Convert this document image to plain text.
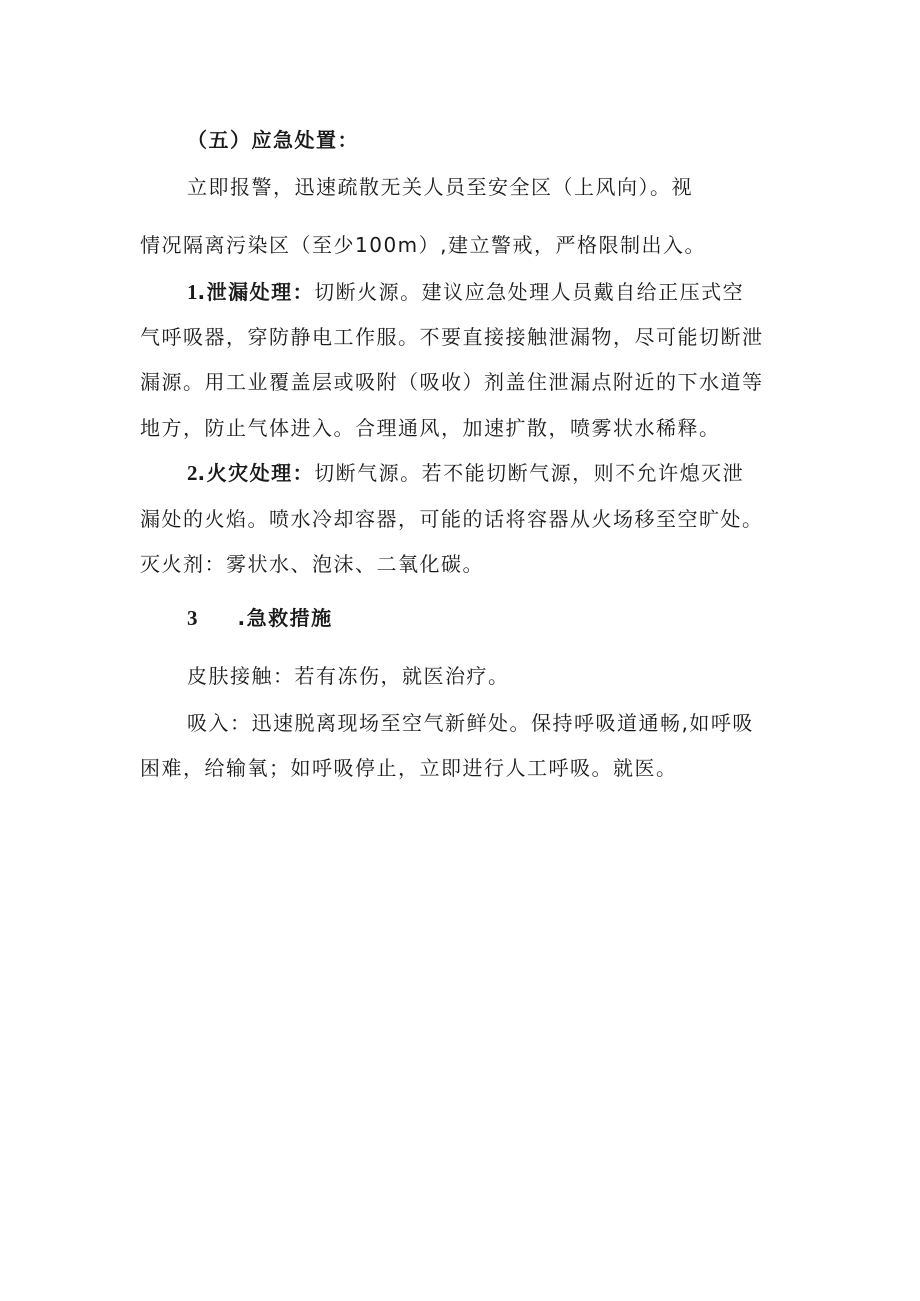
（五）应急处置：
立即报警，迅速疏散无关人员至安全区（上风向）。视
情况隔离污染区（至少100m）,建立警戒，严格限制出入。
1.泄漏处理：切断火源。建议应急处理人员戴自给正压式空
气呼吸器，穿防静电工作服。不要直接接触泄漏物，尽可能切断泄
漏源。用工业覆盖层或吸附（吸收）剂盖住泄漏点附近的下水道等
地方，防止气体进入。合理通风，加速扩散，喷雾状水稀释。
2.火灾处理：切断气源。若不能切断气源，则不允许熄灭泄
漏处的火焰。喷水冷却容器，可能的话将容器从火场移至空旷处。
灭火剂：雾状水、泡沫、二氧化碳。
3 .急救措施
皮肤接触：若有冻伤，就医治疗。
吸入：迅速脱离现场至空气新鲜处。保持呼吸道通畅,如呼吸
困难，给输氧；如呼吸停止，立即进行人工呼吸。就医。
